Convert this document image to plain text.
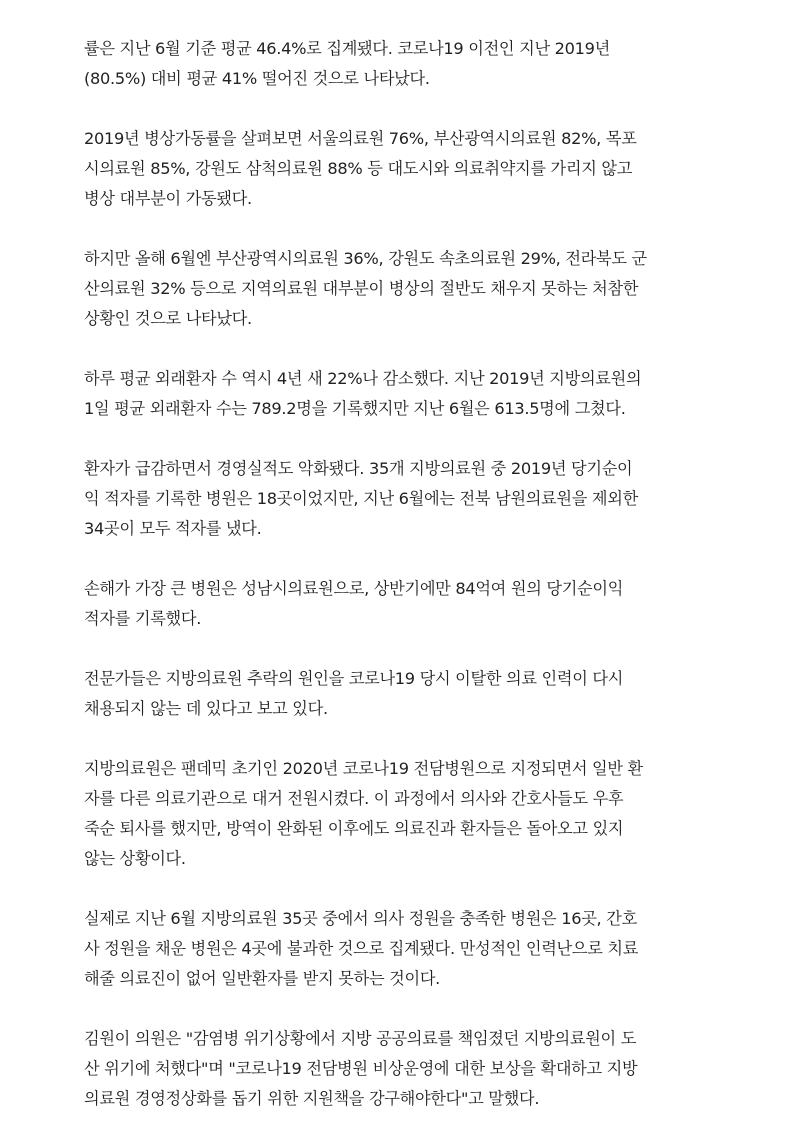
률은 지난 6월 기준 평균 46.4%로 집계됐다. 코로나19 이전인 지난 2019년
(80.5%) 대비 평균 41% 떨어진 것으로 나타났다.

2019년 병상가동률을 살펴보면 서울의료원 76%, 부산광역시의료원 82%, 목포
시의료원 85%, 강원도 삼척의료원 88% 등 대도시와 의료취약지를 가리지 않고
병상 대부분이 가동됐다.

하지만 올해 6월엔 부산광역시의료원 36%, 강원도 속초의료원 29%, 전라북도 군
산의료원 32% 등으로 지역의료원 대부분이 병상의 절반도 채우지 못하는 처참한
상황인 것으로 나타났다.

하루 평균 외래환자 수 역시 4년 새 22%나 감소했다. 지난 2019년 지방의료원의
1일 평균 외래환자 수는 789.2명을 기록했지만 지난 6월은 613.5명에 그쳤다.

환자가 급감하면서 경영실적도 악화됐다. 35개 지방의료원 중 2019년 당기순이
익 적자를 기록한 병원은 18곳이었지만, 지난 6월에는 전북 남원의료원을 제외한
34곳이 모두 적자를 냈다.

손해가 가장 큰 병원은 성남시의료원으로, 상반기에만 84억여 원의 당기순이익
적자를 기록했다.

전문가들은 지방의료원 추락의 원인을 코로나19 당시 이탈한 의료 인력이 다시
채용되지 않는 데 있다고 보고 있다.

지방의료원은 팬데믹 초기인 2020년 코로나19 전담병원으로 지정되면서 일반 환
자를 다른 의료기관으로 대거 전원시켰다. 이 과정에서 의사와 간호사들도 우후
죽순 퇴사를 했지만, 방역이 완화된 이후에도 의료진과 환자들은 돌아오고 있지
않는 상황이다.

실제로 지난 6월 지방의료원 35곳 중에서 의사 정원을 충족한 병원은 16곳, 간호
사 정원을 채운 병원은 4곳에 불과한 것으로 집계됐다. 만성적인 인력난으로 치료
해줄 의료진이 없어 일반환자를 받지 못하는 것이다.

김원이 의원은 "감염병 위기상황에서 지방 공공의료를 책임졌던 지방의료원이 도
산 위기에 처했다"며 "코로나19 전담병원 비상운영에 대한 보상을 확대하고 지방
의료원 경영정상화를 돕기 위한 지원책을 강구해야한다"고 말했다.
